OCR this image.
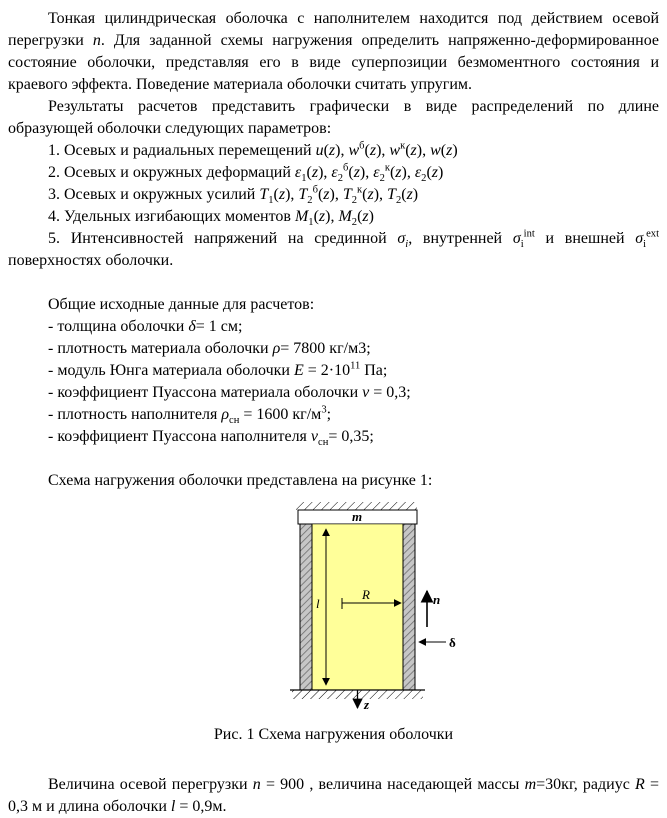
Тонкая цилиндрическая оболочка с наполнителем находится под действием осевой перегрузки n. Для заданной схемы нагружения определить напряженно-деформированное состояние оболочки, представляя его в виде суперпозиции безмоментного состояния и краевого эффекта. Поведение материала оболочки считать упругим.

Результаты расчетов представить графически в виде распределений по длине образующей оболочки следующих параметров:

1. Осевых и радиальных перемещений u(z), $w^б(z)$, $w^к(z)$, w(z)

2. Осевых и окружных деформаций $\varepsilon_1(z)$, $\varepsilon_2^б(z)$, $\varepsilon_2^к(z)$, $\varepsilon_2(z)$

3. Осевых и окружных усилий $T_1(z)$, $T_2^б(z)$, $T_2^к(z)$, $T_2(z)$

4. Удельных изгибающих моментов $M_1(z)$, $M_2(z)$

5. Интенсивностей напряжений на срединной $\sigma_i$, внутренней $\sigma_i^{int}$ и внешней $\sigma_i^{ext}$ поверхностях оболочки.

Общие исходные данные для расчетов:

- толщина оболочки δ= 1 см;

- плотность материала оболочки ρ= 7800 кг/м3;

- модуль Юнга материала оболочки $E = 2\cdot 10^{11}$ Па;

- коэффициент Пуассона материала оболочки ν = 0,3;

- плотность наполнителя $\rho_{сн} = 1600$ $кг/м^3$;

- коэффициент Пуассона наполнителя $\nu_{сн}= 0,35$;

Схема нагружения оболочки представлена на рисунке 1:

m
l
R	n
δ
z

Рис. 1 Схема нагружения оболочки

Величина осевой перегрузки n = 900 , величина наседающей массы m=30кг, радиус R = 0,3 м и длина оболочки l = 0,9м.
